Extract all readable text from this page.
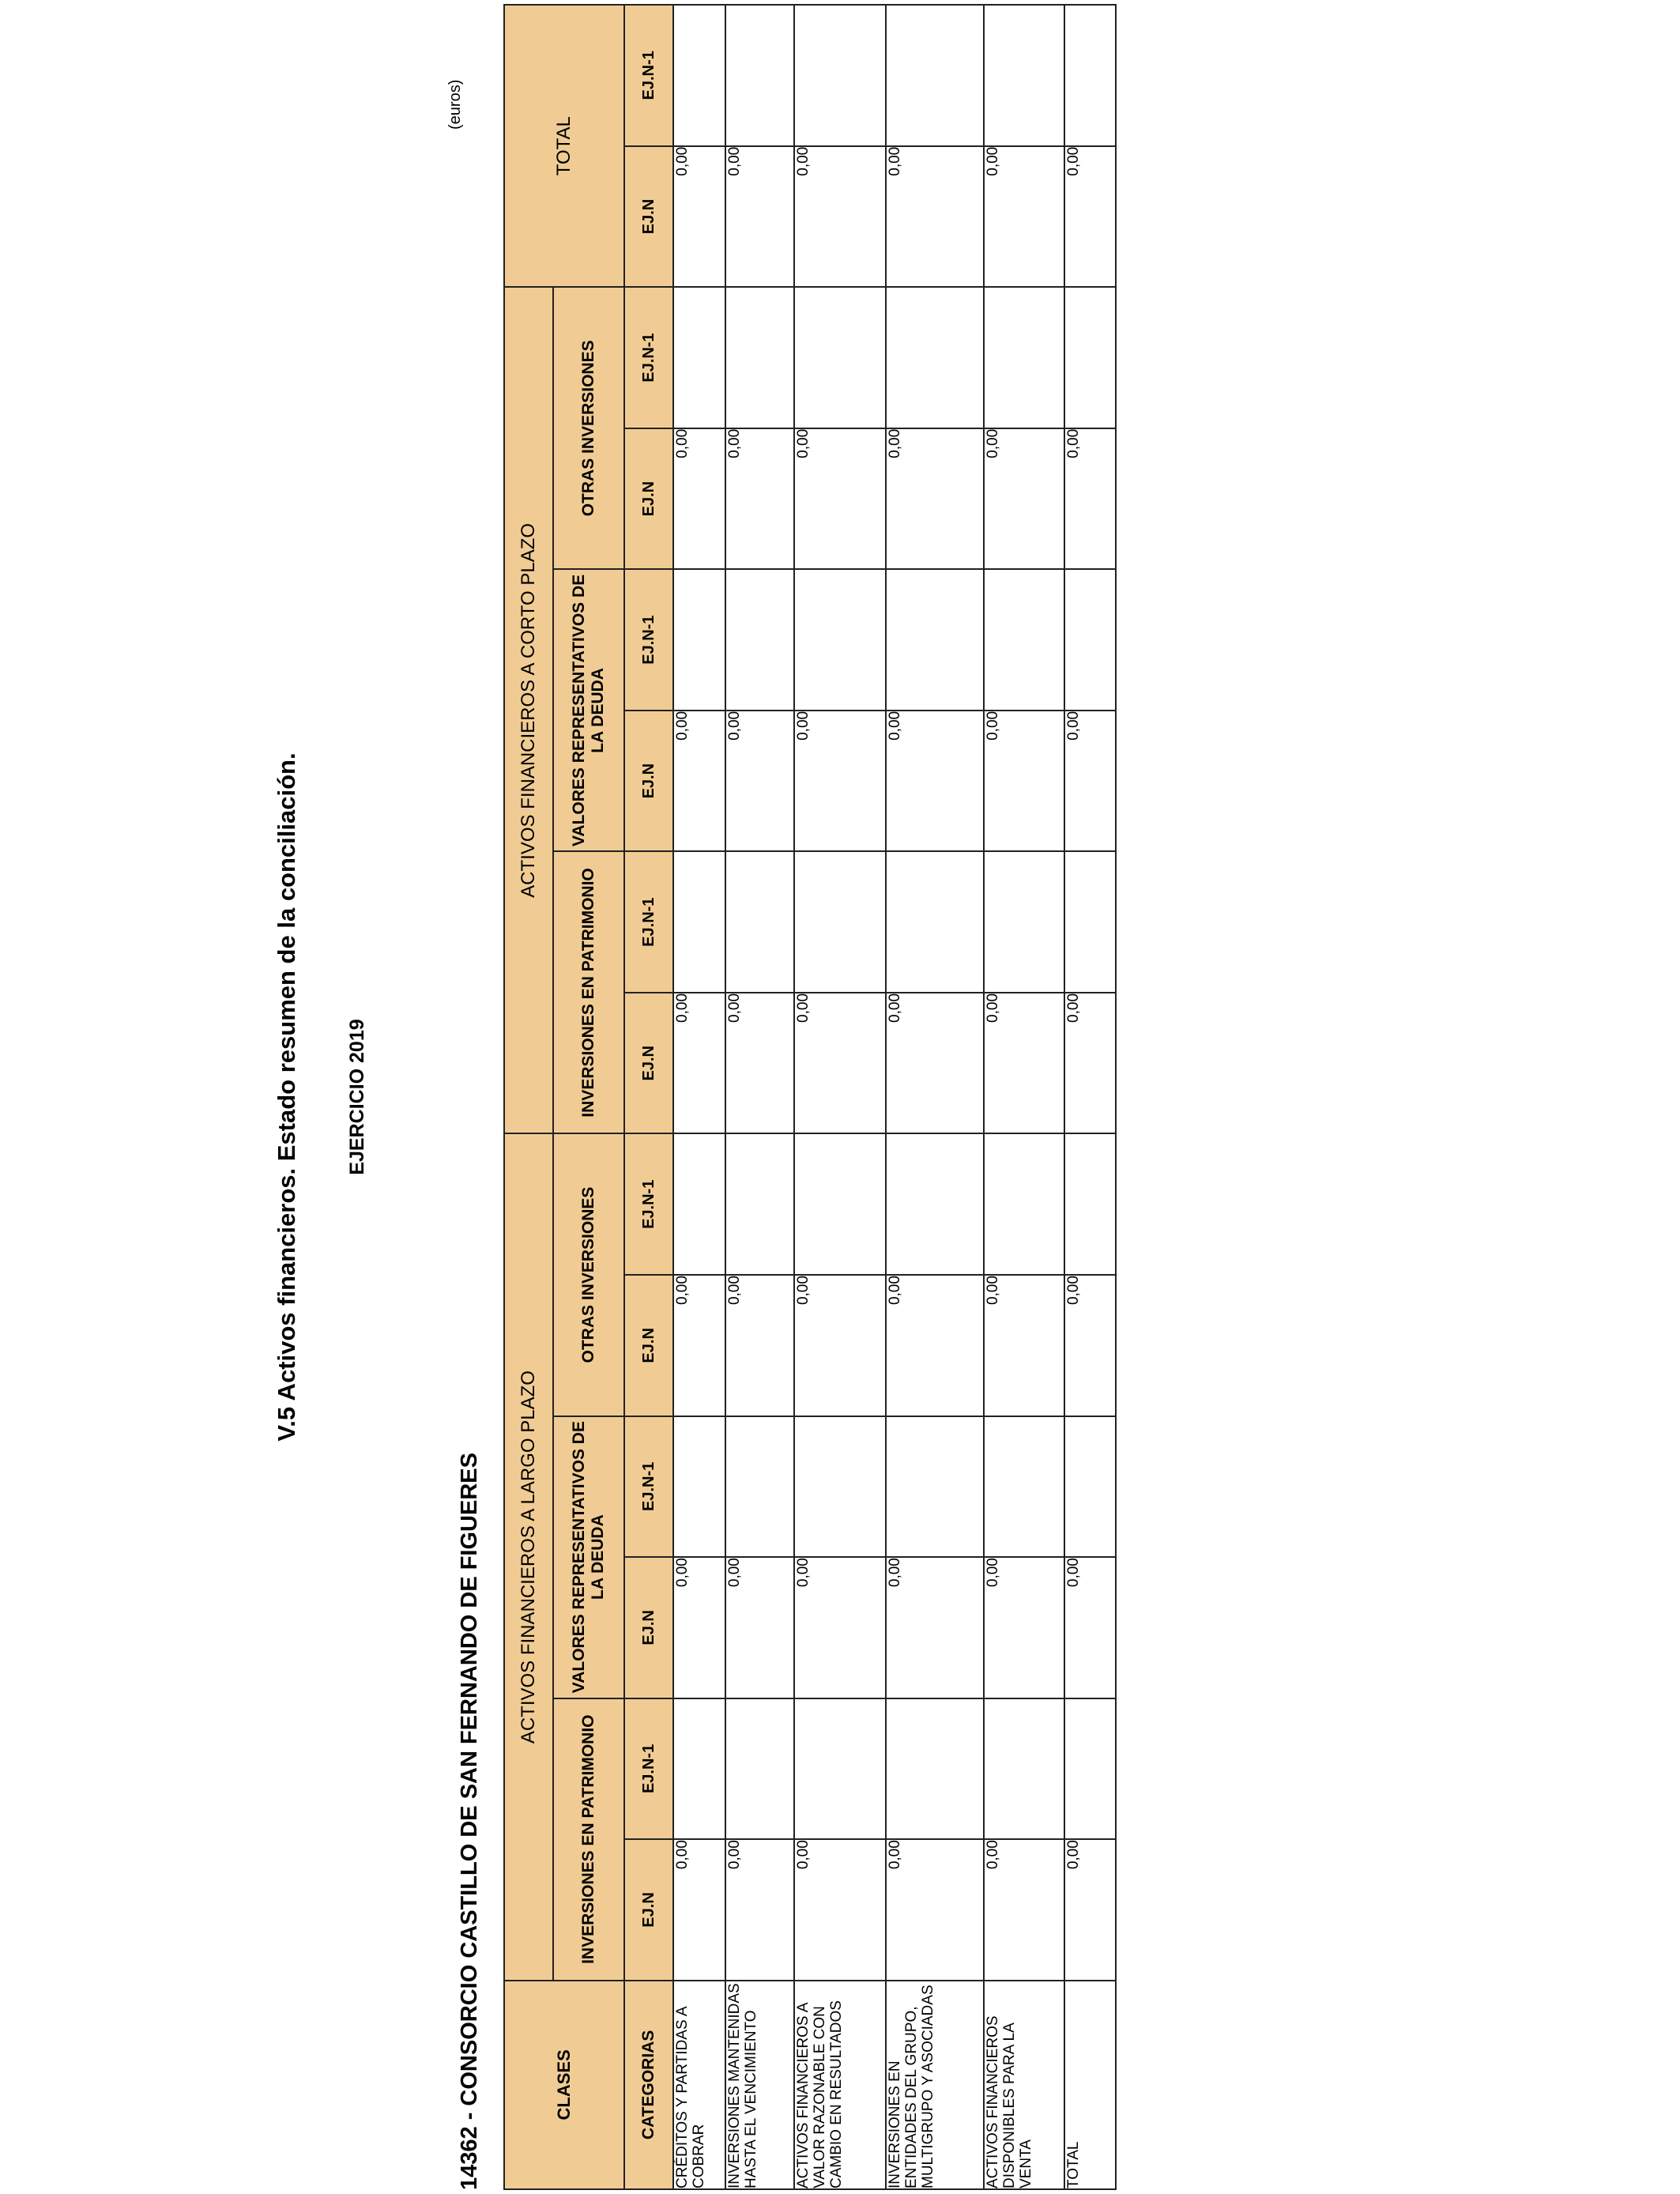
V.5 Activos financieros. Estado resumen de la conciliación. EJERCICIO 2019
14362 - CONSORCIO CASTILLO DE SAN FERNANDO DE FIGUERES
(euros)
CLASES	ACTIVOS FINANCIEROS A LARGO PLAZO						ACTIVOS FINANCIEROS A CORTO PLAZO						TOTAL	
	INVERSIONES EN PATRIMONIO		VALORES REPRESENTATIVOS DE LA DEUDA		OTRAS INVERSIONES		INVERSIONES EN PATRIMONIO		VALORES REPRESENTATIVOS DE LA DEUDA		OTRAS INVERSIONES			
CATEGORIAS	EJ.N	EJ.N-1	EJ.N	EJ.N-1	EJ.N	EJ.N-1	EJ.N	EJ.N-1	EJ.N	EJ.N-1	EJ.N	EJ.N-1	EJ.N	EJ.N-1
CRÉDITOS Y PARTIDAS A COBRAR	0,00		0,00		0,00		0,00		0,00		0,00		0,00	
INVERSIONES MANTENIDAS HASTA EL VENCIMIENTO	0,00		0,00		0,00		0,00		0,00		0,00		0,00	
ACTIVOS FINANCIEROS A VALOR RAZONABLE CON CAMBIO EN RESULTADOS	0,00		0,00		0,00		0,00		0,00		0,00		0,00	
INVERSIONES EN ENTIDADES DEL GRUPO, MULTIGRUPO Y ASOCIADAS	0,00		0,00		0,00		0,00		0,00		0,00		0,00	
ACTIVOS FINANCIEROS DISPONIBLES PARA LA VENTA	0,00		0,00		0,00		0,00		0,00		0,00		0,00	
TOTAL	0,00		0,00		0,00		0,00		0,00		0,00		0,00	
